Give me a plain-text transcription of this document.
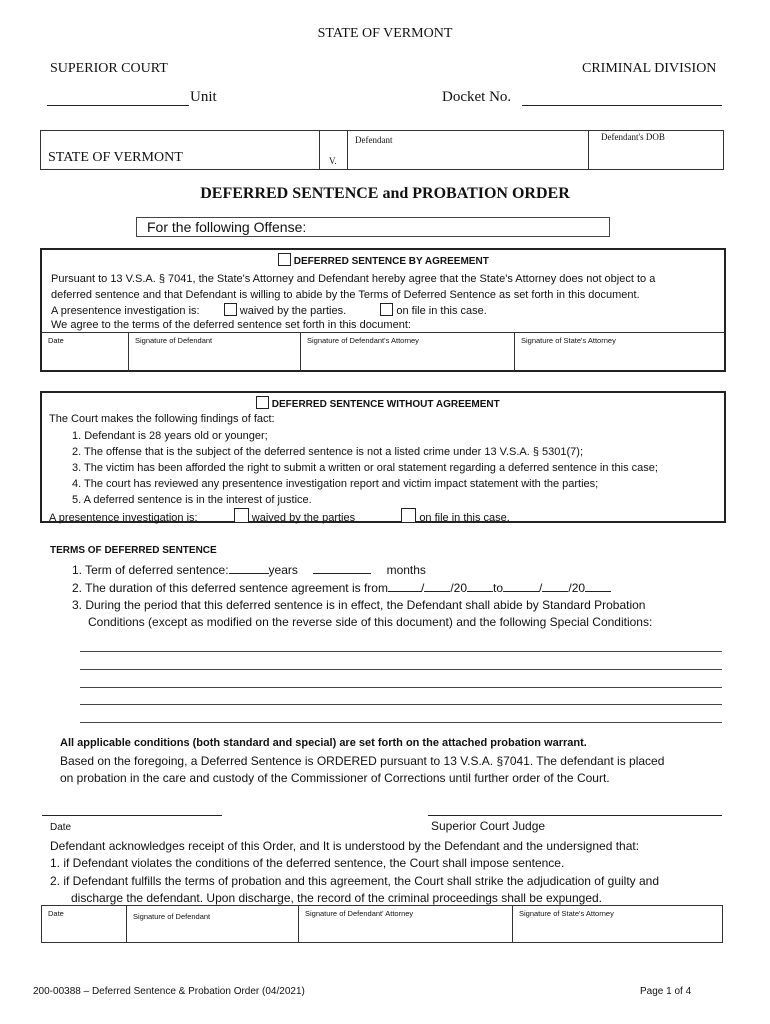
STATE OF VERMONT
SUPERIOR COURT	CRIMINAL DIVISION
Unit	Docket No.
STATE OF VERMONT	V.
Defendant	Defendant's DOB
DEFERRED SENTENCE and PROBATION ORDER
For the following Offense:
DEFERRED SENTENCE BY AGREEMENT
Pursuant to 13 V.S.A. § 7041, the State's Attorney and Defendant hereby agree that the State's Attorney does not object to a
deferred sentence and that Defendant is willing to abide by the Terms of Deferred Sentence as set forth in this document.
A presentence investigation is:	waived by the parties.	on file in this case.
We agree to the terms of the deferred sentence set forth in this document:
Date	Signature of Defendant	Signature of Defendant's Attorney	Signature of State's Attorney
DEFERRED SENTENCE WITHOUT AGREEMENT
The Court makes the following findings of fact:
1. Defendant is 28 years old or younger;
2. The offense that is the subject of the deferred sentence is not a listed crime under 13 V.S.A. § 5301(7);
3. The victim has been afforded the right to submit a written or oral statement regarding a deferred sentence in this case;
4. The court has reviewed any presentence investigation report and victim impact statement with the parties;
5. A deferred sentence is in the interest of justice.
A presentence investigation is:	waived by the parties	on file in this case.
TERMS OF DEFERRED SENTENCE
1. Term of deferred sentence:	years	months
2. The duration of this deferred sentence agreement is from	/ /20 to	/ /20
3. During the period that this deferred sentence is in effect, the Defendant shall abide by Standard Probation
Conditions (except as modified on the reverse side of this document) and the following Special Conditions:
All applicable conditions (both standard and special) are set forth on the attached probation warrant.
Based on the foregoing, a Deferred Sentence is ORDERED pursuant to 13 V.S.A. §7041. The defendant is placed
on probation in the care and custody of the Commissioner of Corrections until further order of the Court.
Date	Superior Court Judge
Defendant acknowledges receipt of this Order, and It is understood by the Defendant and the undersigned that:
1. if Defendant violates the conditions of the deferred sentence, the Court shall impose sentence.
2. if Defendant fulfills the terms of probation and this agreement, the Court shall strike the adjudication of guilty and
discharge the defendant. Upon discharge, the record of the criminal proceedings shall be expunged.
Date	Signature of Defendant	Signature of Defendant' Attorney	Signature of State's Attorney
200-00388 – Deferred Sentence & Probation Order (04/2021)	Page 1 of 4
